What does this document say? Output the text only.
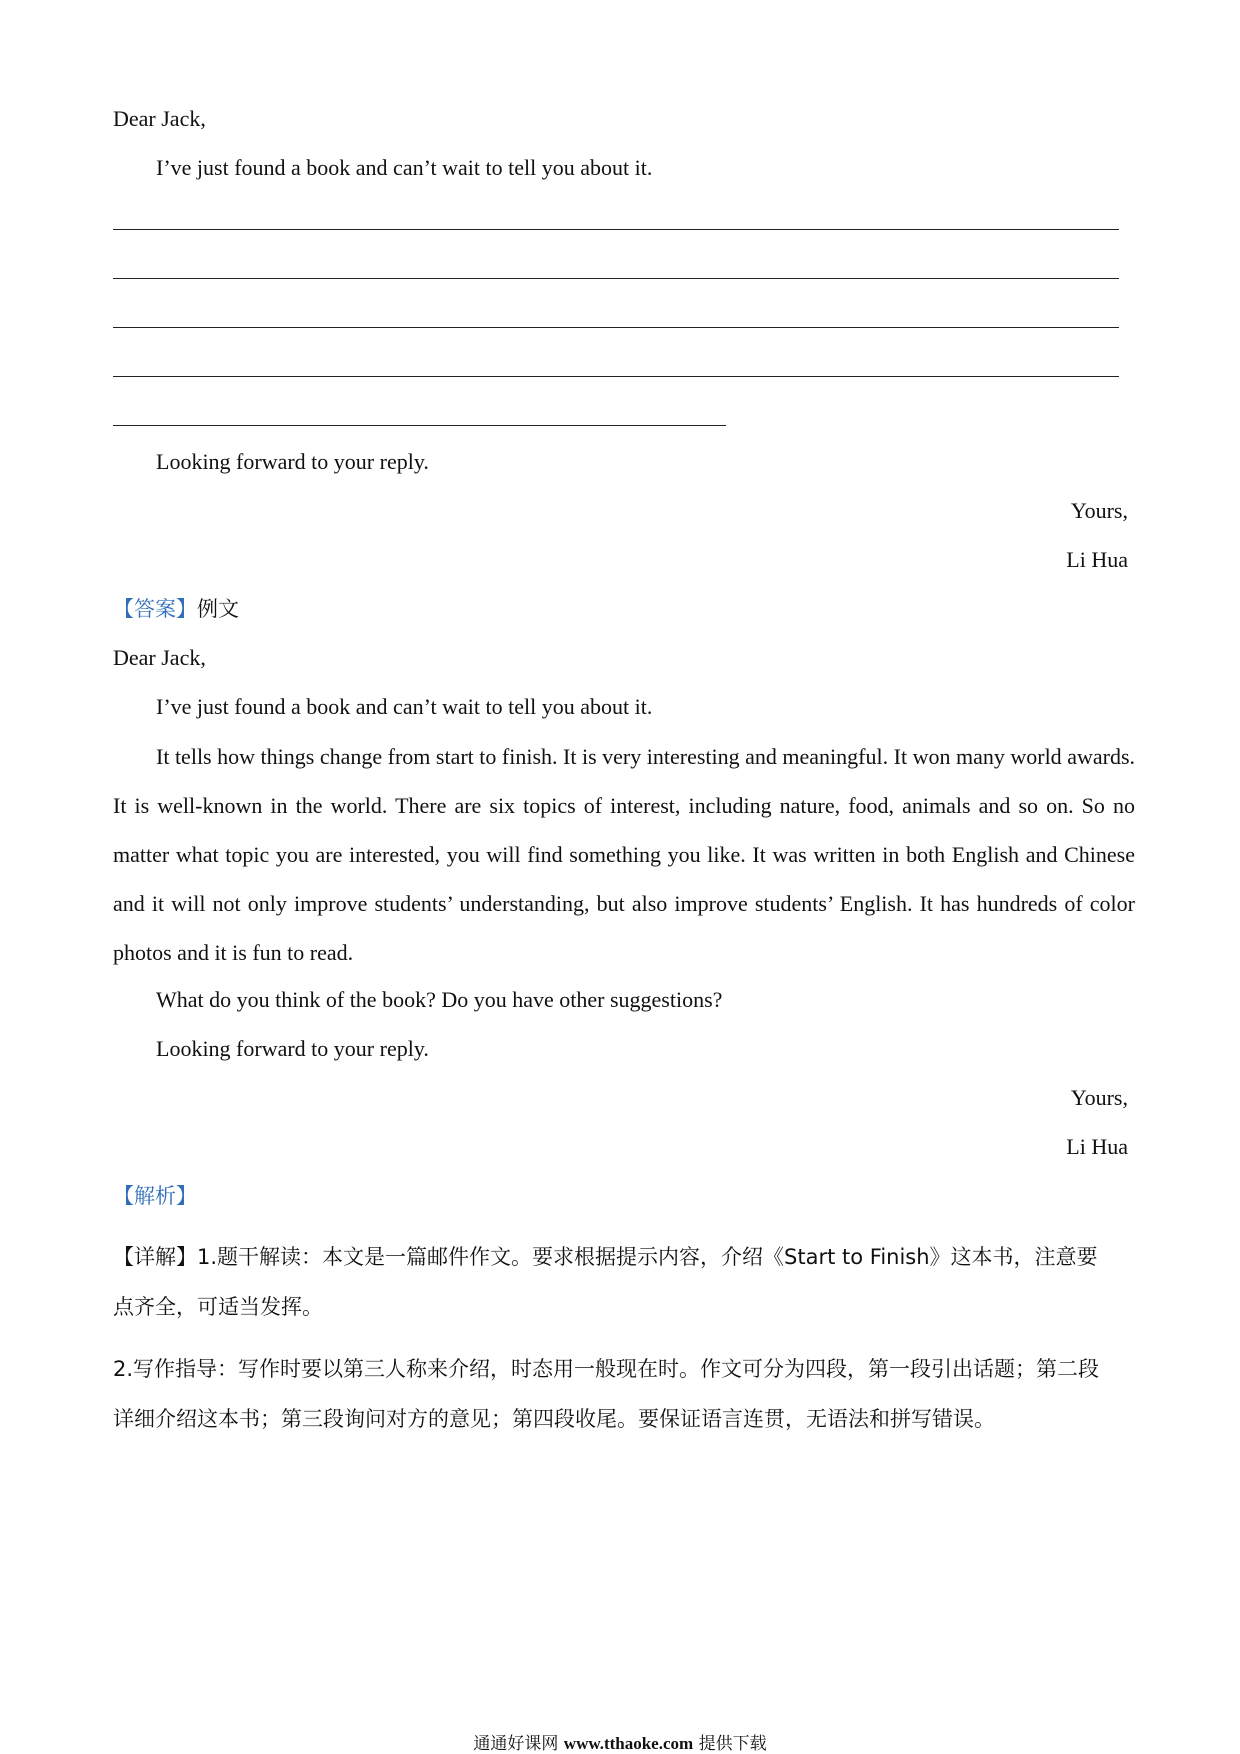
Dear Jack,
I’ve just found a book and can’t wait to tell you about it.
Looking forward to your reply.
Yours,
Li Hua
【答案】例文
Dear Jack,
I’ve just found a book and can’t wait to tell you about it.
It tells how things change from start to finish. It is very interesting and meaningful. It won many world awards. It is well-known in the world. There are six topics of interest, including nature, food, animals and so on. So no matter what topic you are interested, you will find something you like. It was written in both English and Chinese and it will not only improve students’ understanding, but also improve students’ English. It has hundreds of color photos and it is fun to read.
What do you think of the book? Do you have other suggestions?
Looking forward to your reply.
Yours,
Li Hua
【解析】
【详解】1.题干解读：本文是一篇邮件作文。要求根据提示内容，介绍《Start to Finish》这本书，注意要点齐全，可适当发挥。
2.写作指导：写作时要以第三人称来介绍，时态用一般现在时。作文可分为四段，第一段引出话题；第二段详细介绍这本书；第三段询问对方的意见；第四段收尾。要保证语言连贯，无语法和拼写错误。
通通好课网 www.tthaoke.com 提供下载
